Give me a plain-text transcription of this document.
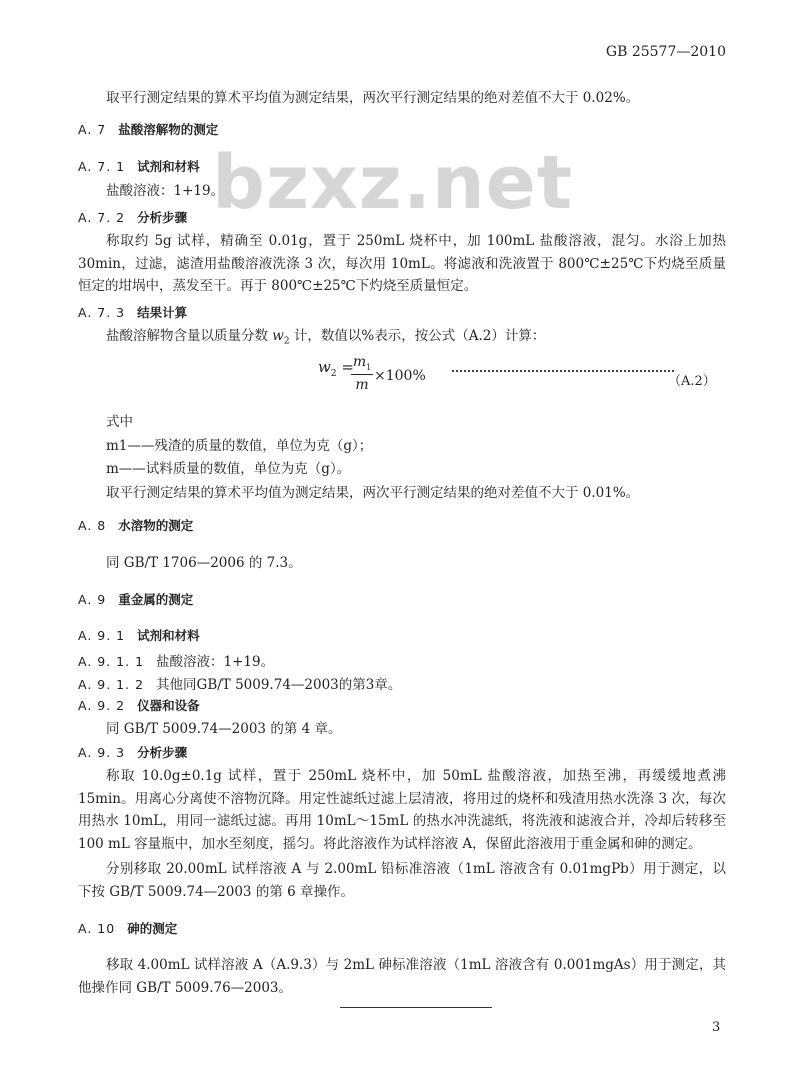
GB 25577—2010
bzxz.net
取平行测定结果的算术平均值为测定结果，两次平行测定结果的绝对差值不大于 0.02%。
A. 7 盐酸溶解物的测定
A. 7. 1 试剂和材料
盐酸溶液：1+19。
A. 7. 2 分析步骤
称取约 5g 试样，精确至 0.01g，置于 250mL 烧杯中，加 100mL 盐酸溶液，混匀。水浴上加热 30min，过滤，滤渣用盐酸溶液洗涤 3 次，每次用 10mL。将滤液和洗液置于 800℃±25℃下灼烧至质量恒定的坩埚中，蒸发至干。再于 800℃±25℃下灼烧至质量恒定。
A. 7. 3 结果计算
盐酸溶解物含量以质量分数 $w_2$ 计，数值以%表示，按公式（A.2）计算：
$w_2$ =
$m_1$
m
×100%	（A.2）
式中
m1——残渣的质量的数值，单位为克（g）；
m——试料质量的数值，单位为克（g）。
取平行测定结果的算术平均值为测定结果，两次平行测定结果的绝对差值不大于 0.01%。
A. 8 水溶物的测定
同 GB/T 1706—2006 的 7.3。
A. 9 重金属的测定
A. 9. 1 试剂和材料
A. 9. 1. 1 盐酸溶液：1+19。
A. 9. 1. 2 其他同GB/T 5009.74—2003的第3章。
A. 9. 2 仪器和设备
同 GB/T 5009.74—2003 的第 4 章。
A. 9. 3 分析步骤
称取 10.0g±0.1g 试样，置于 250mL 烧杯中，加 50mL 盐酸溶液，加热至沸，再缓缓地煮沸 15min。用离心分离使不溶物沉降。用定性滤纸过滤上层清液，将用过的烧杯和残渣用热水洗涤 3 次，每次用热水 10mL，用同一滤纸过滤。再用 10mL～15mL 的热水冲洗滤纸，将洗液和滤液合并，冷却后转移至 100 mL 容量瓶中，加水至刻度，摇匀。将此溶液作为试样溶液 A，保留此溶液用于重金属和砷的测定。
分别移取 20.00mL 试样溶液 A 与 2.00mL 铅标准溶液（1mL 溶液含有 0.01mgPb）用于测定，以下按 GB/T 5009.74—2003 的第 6 章操作。
A. 10 砷的测定
移取 4.00mL 试样溶液 A（A.9.3）与 2mL 砷标准溶液（1mL 溶液含有 0.001mgAs）用于测定，其他操作同 GB/T 5009.76—2003。
3
